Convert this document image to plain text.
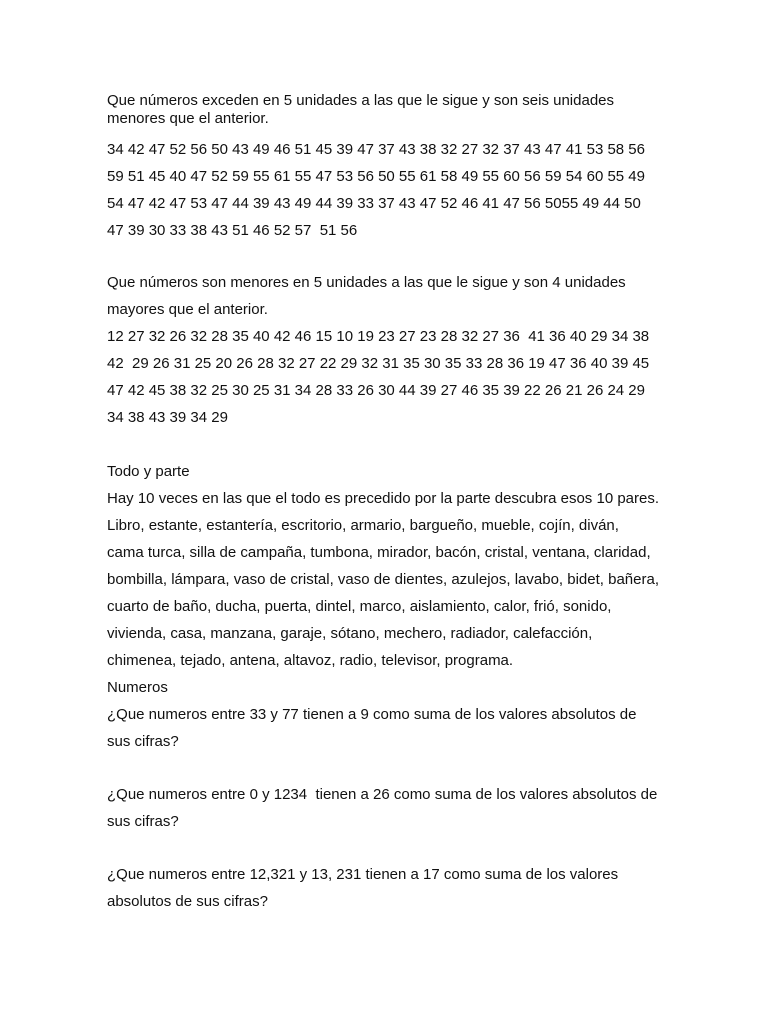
Que números exceden en 5 unidades a las que le sigue y son seis unidades

menores que el anterior.

34 42 47 52 56 50 43 49 46 51 45 39 47 37 43 38 32 27 32 37 43 47 41 53 58 56

59 51 45 40 47 52 59 55 61 55 47 53 56 50 55 61 58 49 55 60 56 59 54 60 55 49

54 47 42 47 53 47 44 39 43 49 44 39 33 37 43 47 52 46 41 47 56 5055 49 44 50

47 39 30 33 38 43 51 46 52 57  51 56

Que números son menores en 5 unidades a las que le sigue y son 4 unidades

mayores que el anterior.

12 27 32 26 32 28 35 40 42 46 15 10 19 23 27 23 28 32 27 36  41 36 40 29 34 38

42  29 26 31 25 20 26 28 32 27 22 29 32 31 35 30 35 33 28 36 19 47 36 40 39 45

47 42 45 38 32 25 30 25 31 34 28 33 26 30 44 39 27 46 35 39 22 26 21 26 24 29

34 38 43 39 34 29

Todo y parte

Hay 10 veces en las que el todo es precedido por la parte descubra esos 10 pares.

Libro, estante, estantería, escritorio, armario, bargueño, mueble, cojín, diván,

cama turca, silla de campaña, tumbona, mirador, bacón, cristal, ventana, claridad,

bombilla, lámpara, vaso de cristal, vaso de dientes, azulejos, lavabo, bidet, bañera,

cuarto de baño, ducha, puerta, dintel, marco, aislamiento, calor, frió, sonido,

vivienda, casa, manzana, garaje, sótano, mechero, radiador, calefacción,

chimenea, tejado, antena, altavoz, radio, televisor, programa.

Numeros

¿Que numeros entre 33 y 77 tienen a 9 como suma de los valores absolutos de

sus cifras?

¿Que numeros entre 0 y 1234  tienen a 26 como suma de los valores absolutos de

sus cifras?

¿Que numeros entre 12,321 y 13, 231 tienen a 17 como suma de los valores

absolutos de sus cifras?
